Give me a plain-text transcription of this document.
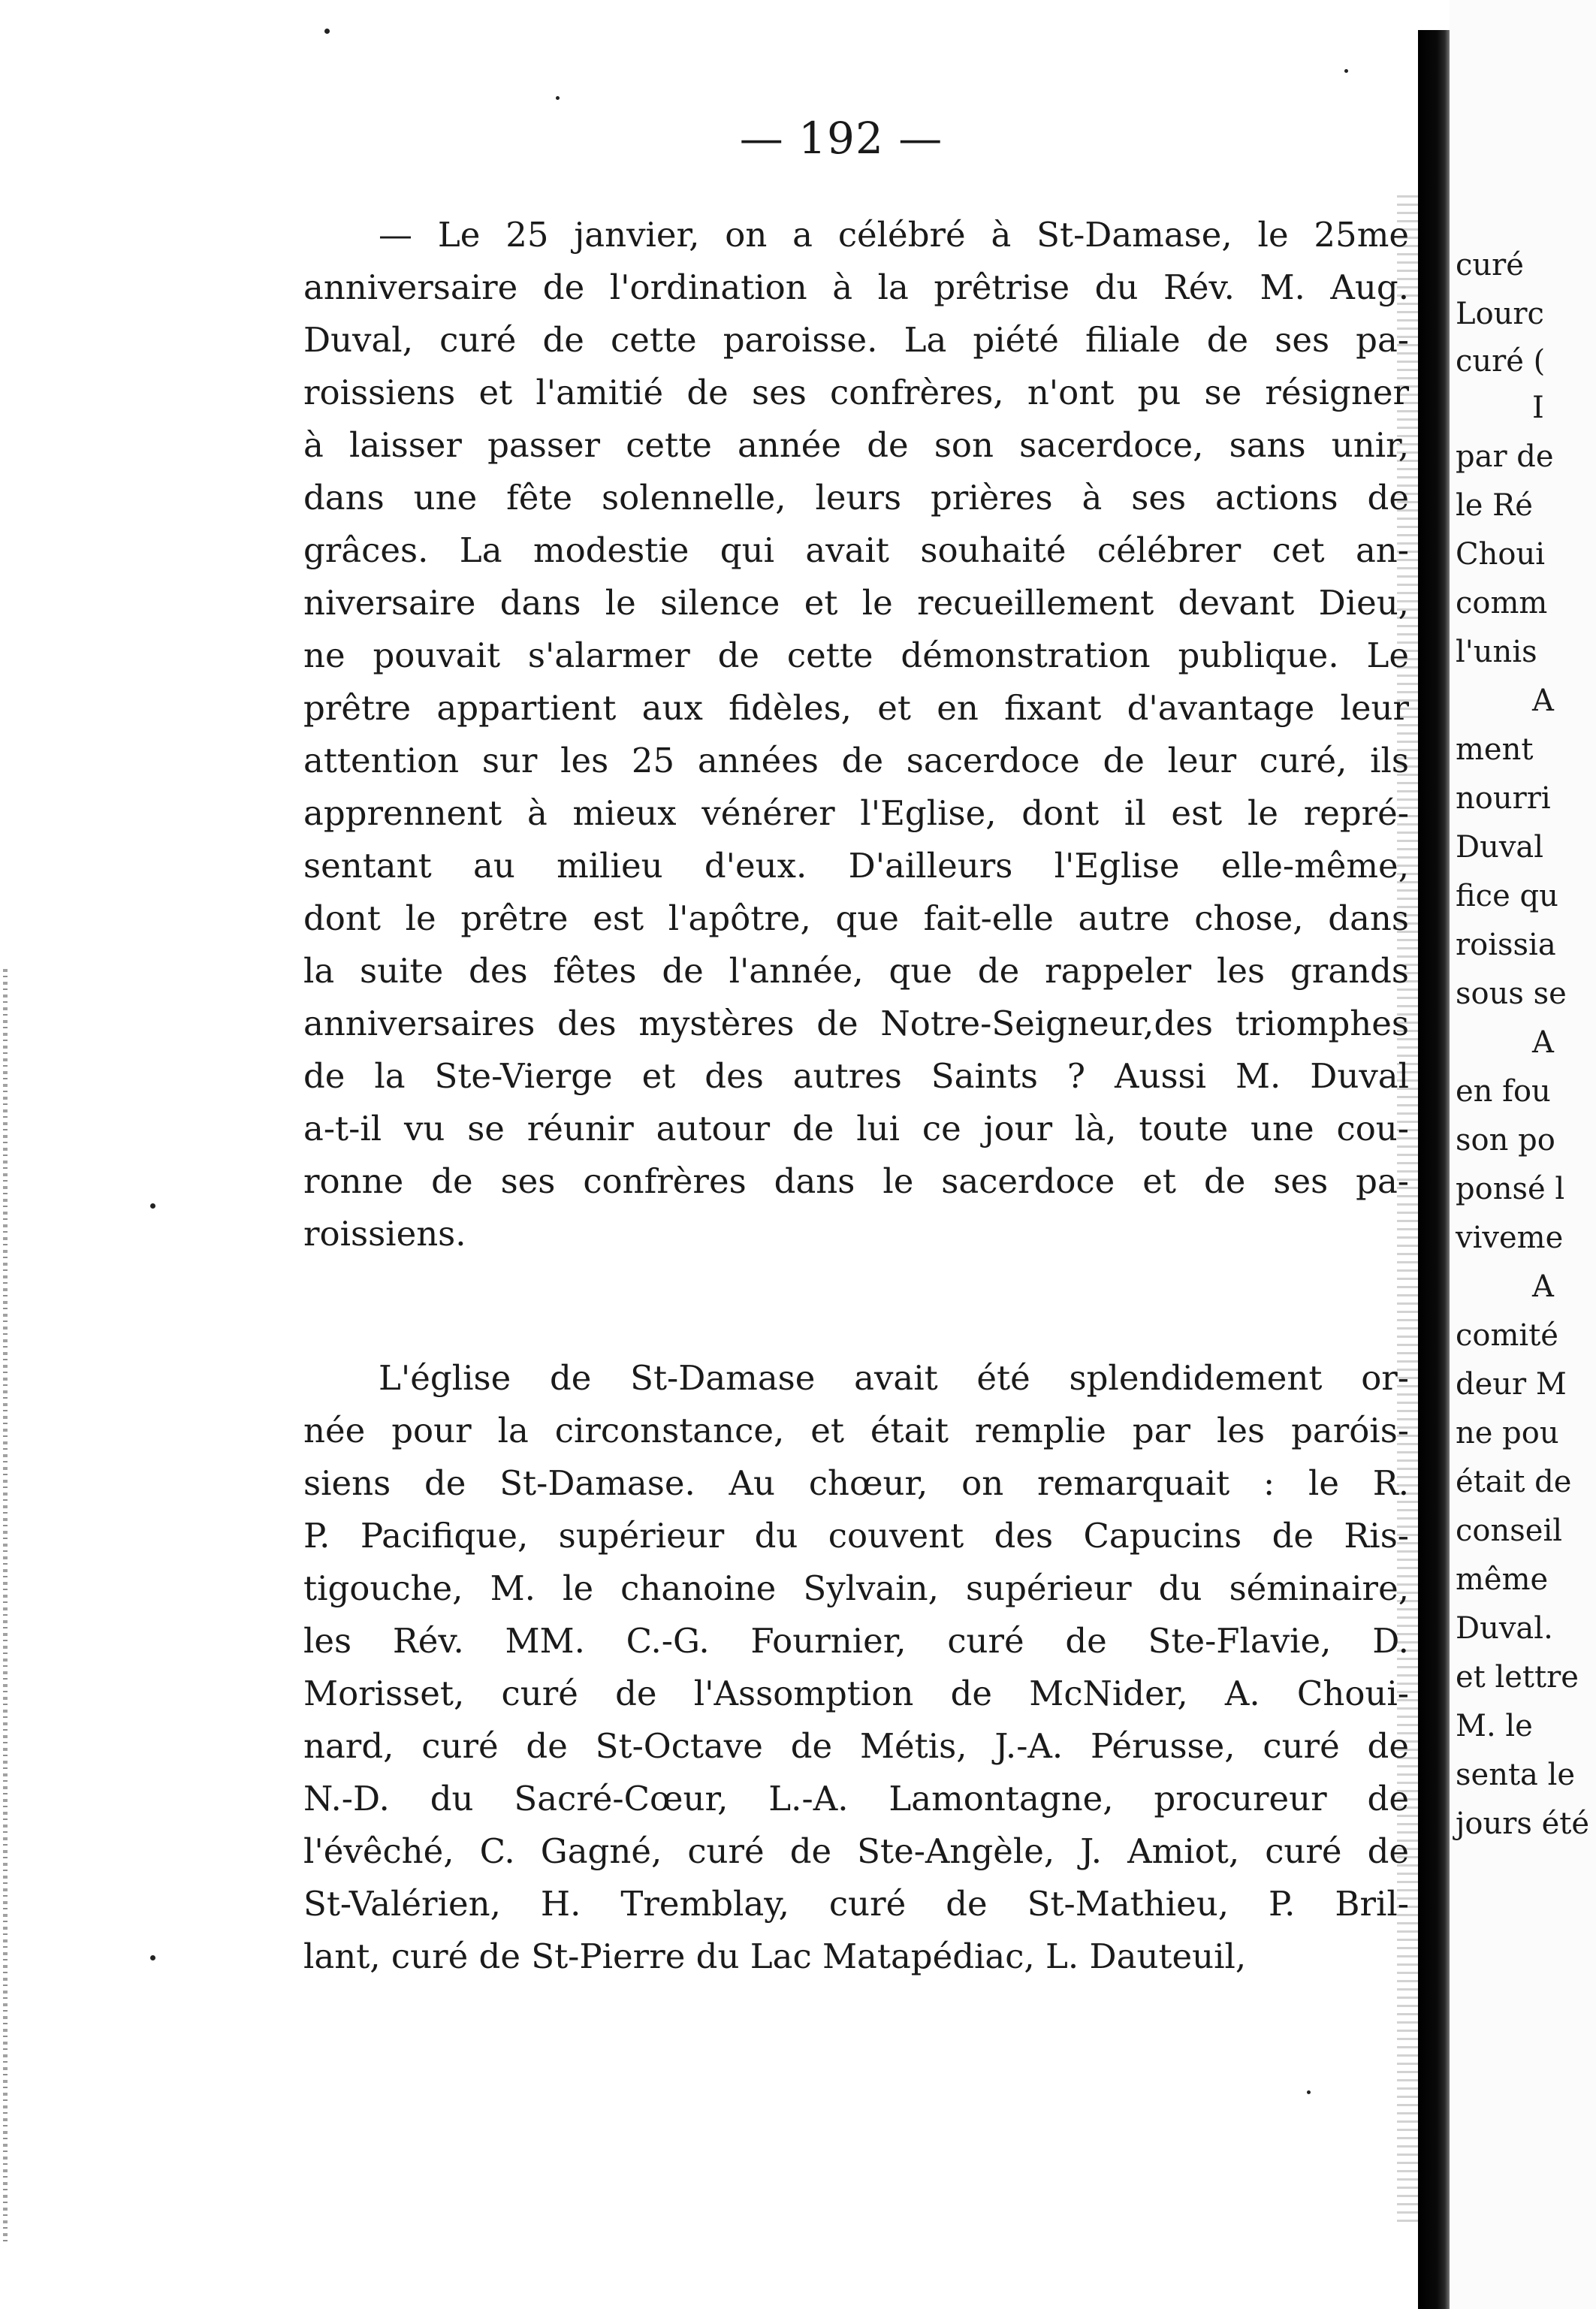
— 192 —
— Le 25 janvier, on a célébré à St-Damase, le 25me
anniversaire de l'ordination à la prêtrise du Rév. M. Aug.
Duval, curé de cette paroisse. La piété filiale de ses pa-
roissiens et l'amitié de ses confrères, n'ont pu se résigner
à laisser passer cette année de son sacerdoce, sans unir,
dans une fête solennelle, leurs prières à ses actions de
grâces. La modestie qui avait souhaité célébrer cet an-
niversaire dans le silence et le recueillement devant Dieu,
ne pouvait s'alarmer de cette démonstration publique. Le
prêtre appartient aux fidèles, et en fixant d'avantage leur
attention sur les 25 années de sacerdoce de leur curé, ils
apprennent à mieux vénérer l'Eglise, dont il est le repré-
sentant au milieu d'eux. D'ailleurs l'Eglise elle-même,
dont le prêtre est l'apôtre, que fait-elle autre chose, dans
la suite des fêtes de l'année, que de rappeler les grands
anniversaires des mystères de Notre-Seigneur,des triomphes
de la Ste-Vierge et des autres Saints ? Aussi M. Duval
a-t-il vu se réunir autour de lui ce jour là, toute une cou-
ronne de ses confrères dans le sacerdoce et de ses pa-
roissiens.
L'église de St-Damase avait été splendidement or-
née pour la circonstance, et était remplie par les paróis-
siens de St-Damase. Au chœur, on remarquait : le R.
P. Pacifique, supérieur du couvent des Capucins de Ris-
tigouche, M. le chanoine Sylvain, supérieur du séminaire,
les Rév. MM. C.-G. Fournier, curé de Ste-Flavie, D.
Morisset, curé de l'Assomption de McNider, A. Choui-
nard, curé de St-Octave de Métis, J.-A. Pérusse, curé de
N.-D. du Sacré-Cœur, L.-A. Lamontagne, procureur de
l'évêché, C. Gagné, curé de Ste-Angèle, J. Amiot, curé de
St-Valérien, H. Tremblay, curé de St-Mathieu, P. Bril-
lant, curé de St-Pierre du Lac Matapédiac, L. Dauteuil,
curé
Lourc
curé (
I
par de
le Ré
Choui
comm
l'unis
A
ment
nourri
Duval
fice qu
roissia
sous se
A
en fou
son po
ponsé l
viveme
A
comité
deur M
ne pou
était de
conseil
même
Duval.
et lettre
M. le
senta le
jours été
